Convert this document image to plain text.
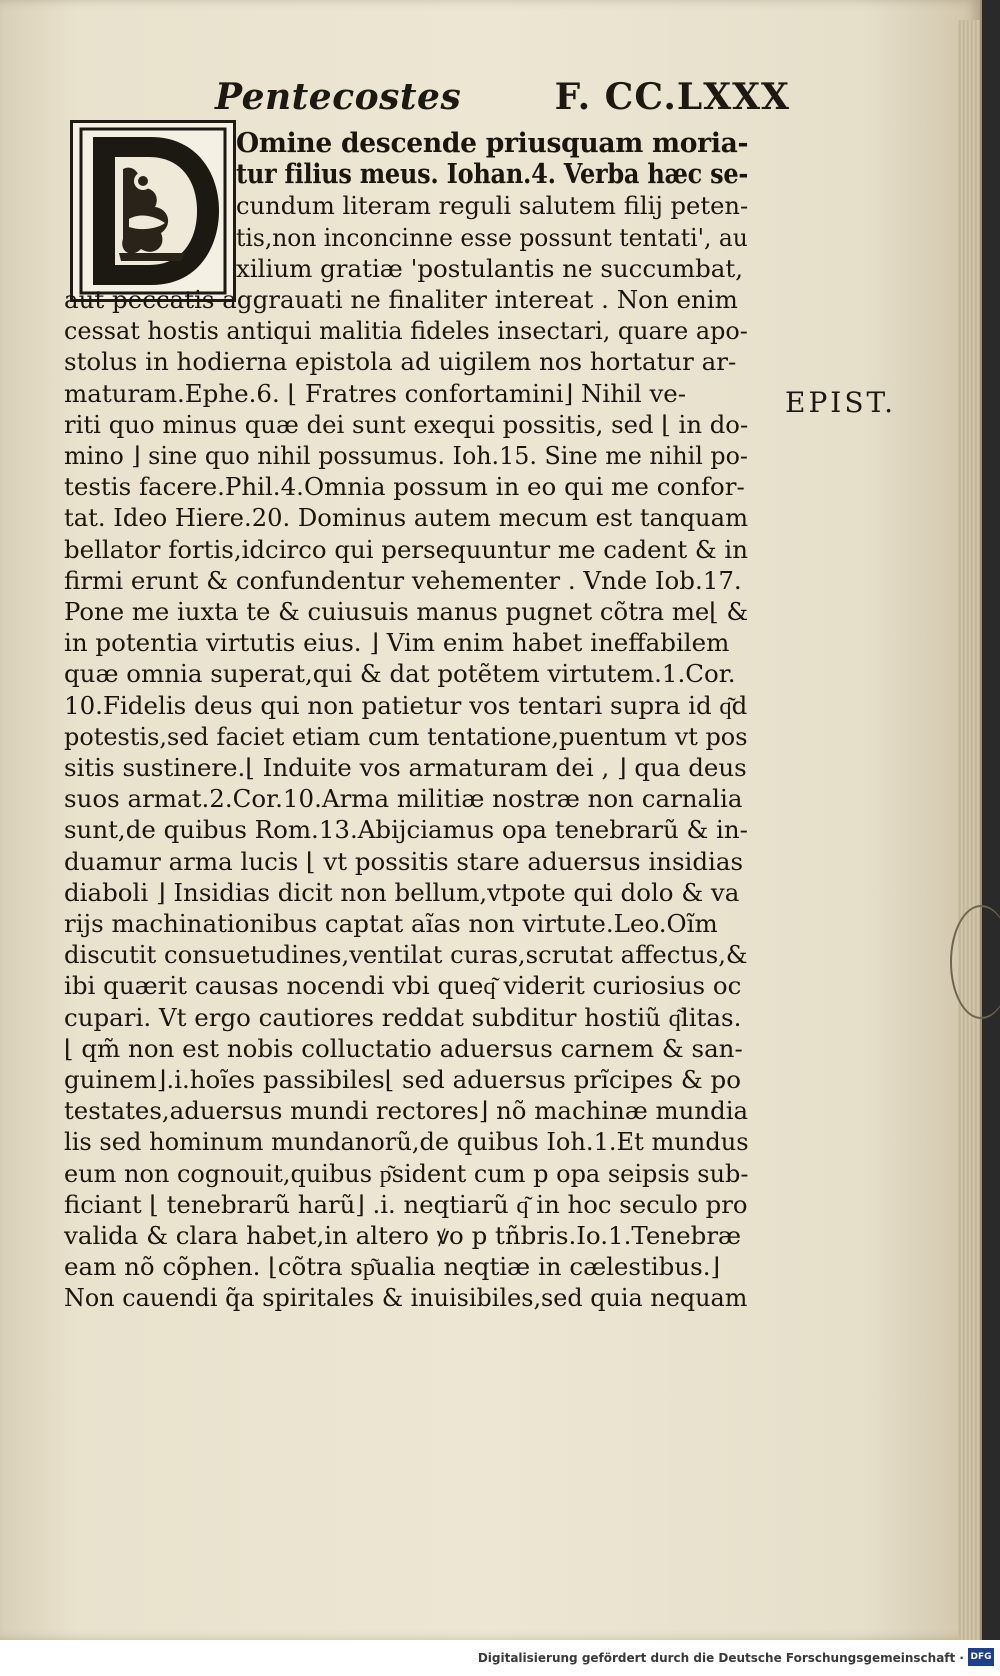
Pentecostes	F. CC.LXXX
EPIST.
Omine descende priusquam moria-
tur filius meus. Iohan.4. Verba hæc se-
cundum literam reguli salutem filij peten-
tis,non inconcinne esse possunt tentati', au
xilium gratiæ 'postulantis ne succumbat,
aut peccatis aggrauati ne finaliter intereat . Non enim
cessat hostis antiqui malitia fideles insectari, quare apo-
stolus in hodierna epistola ad uigilem nos hortatur ar-
maturam.Ephe.6. ⌊ Fratres confortamini⌋ Nihil ve-
riti quo minus quæ dei sunt exequi possitis, sed ⌊ in do-
mino ⌋ sine quo nihil possumus. Ioh.15. Sine me nihil po-
testis facere.Phil.4.Omnia possum in eo qui me confor-
tat. Ideo Hiere.20. Dominus autem mecum est tanquam
bellator fortis,idcirco qui persequuntur me cadent & in
firmi erunt & confundentur vehementer . Vnde Iob.17.
Pone me iuxta te & cuiusuis manus pugnet cõtra me⌊ &
in potentia virtutis eius. ⌋ Vim enim habet ineffabilem
quæ omnia superat,qui & dat potẽtem virtutem.1.Cor.
10.Fidelis deus qui non patietur vos tentari supra id q͂d
potestis,sed faciet etiam cum tentatione,puentum vt pos
sitis sustinere.⌊ Induite vos armaturam dei , ⌋ qua deus
suos armat.2.Cor.10.Arma militiæ nostræ non carnalia
sunt,de quibus Rom.13.Abijciamus opa tenebrarũ & in-
duamur arma lucis ⌊ vt possitis stare aduersus insidias
diaboli ⌋ Insidias dicit non bellum,vtpote qui dolo & va
rijs machinationibus captat aĩas non virtute.Leo.Oĩm
discutit consuetudines,ventilat curas,scrutat affectus,&
ibi quærit causas nocendi vbi queq͂ viderit curiosius oc
cupari. Vt ergo cautiores reddat subditur hostiũ q͂litas.
⌊ qm̃ non est nobis colluctatio aduersus carnem & san-
guinem⌋.i.hoĩes passibiles⌊ sed aduersus prĩcipes & po
testates,aduersus mundi rectores⌋ nõ machinæ mundia
lis sed hominum mundanorũ,de quibus Ioh.1.Et mundus
eum non cognouit,quibus p͂sident cum p opa seipsis sub-
ficiant ⌊ tenebrarũ harũ⌋ .i. neqtiarũ q͂ in hoc seculo pro
valida & clara habet,in altero ꝟo p tñbris.Io.1.Tenebræ
eam nõ cõphen. ⌊cõtra sp͂ualia neqtiæ in cælestibus.⌋
Non cauendi q̃a spiritales & inuisibiles,sed quia nequam
Digitalisierung gefördert durch die Deutsche Forschungsgemeinschaft · DFG
